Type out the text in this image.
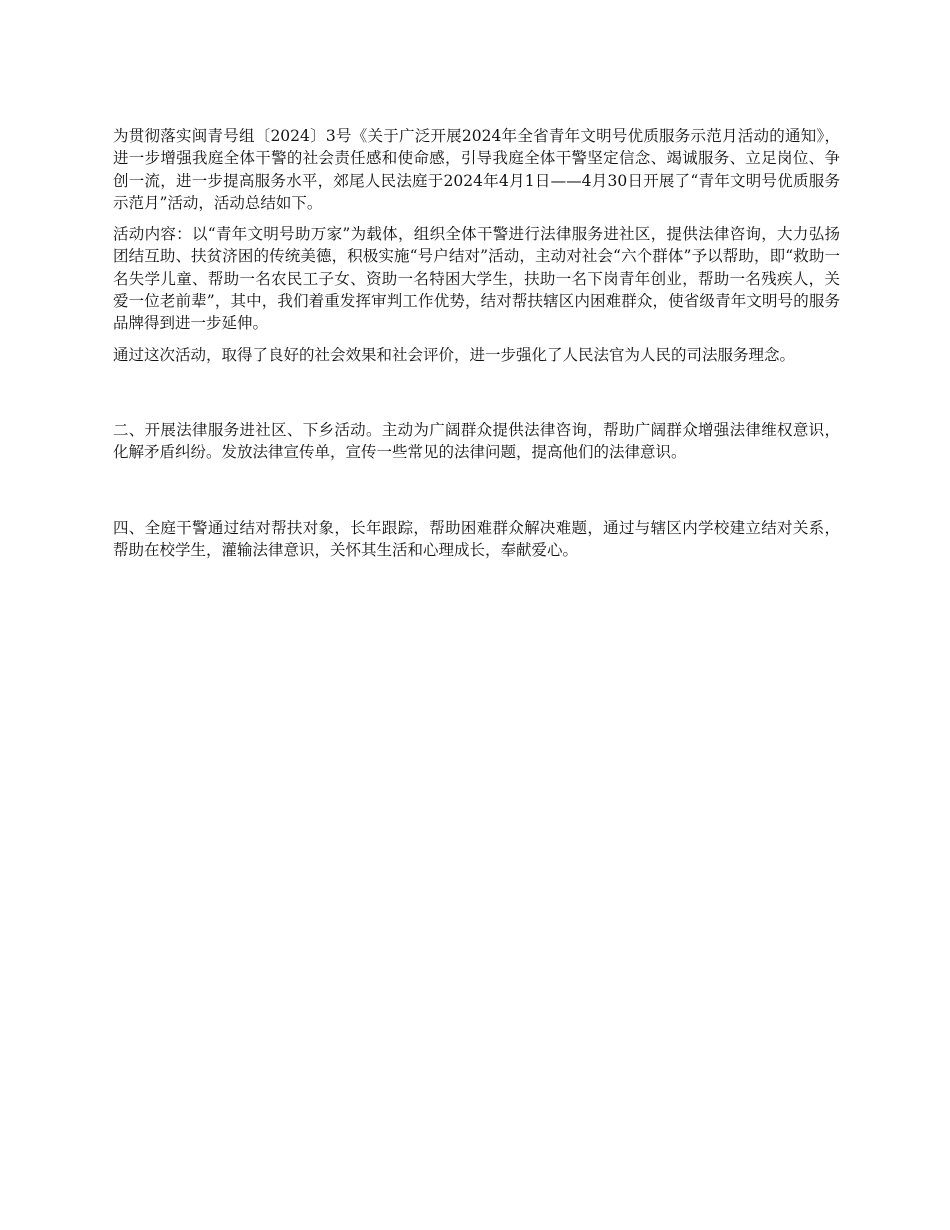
为贯彻落实闽青号组〔2024〕3号《关于广泛开展2024年全省青年文明号优质服务示范月活动的通知》，进一步增强我庭全体干警的社会责任感和使命感，引导我庭全体干警坚定信念、竭诚服务、立足岗位、争创一流，进一步提高服务水平，郊尾人民法庭于2024年4月1日——4月30日开展了“青年文明号优质服务示范月”活动，活动总结如下。

活动内容：以“青年文明号助万家”为载体，组织全体干警进行法律服务进社区，提供法律咨询，大力弘扬团结互助、扶贫济困的传统美德，积极实施“号户结对”活动，主动对社会“六个群体”予以帮助，即“救助一名失学儿童、帮助一名农民工子女、资助一名特困大学生，扶助一名下岗青年创业，帮助一名残疾人，关爱一位老前辈”，其中，我们着重发挥审判工作优势，结对帮扶辖区内困难群众，使省级青年文明号的服务品牌得到进一步延伸。

通过这次活动，取得了良好的社会效果和社会评价，进一步强化了人民法官为人民的司法服务理念。

二、开展法律服务进社区、下乡活动。主动为广阔群众提供法律咨询，帮助广阔群众增强法律维权意识，化解矛盾纠纷。发放法律宣传单，宣传一些常见的法律问题，提高他们的法律意识。

四、全庭干警通过结对帮扶对象，长年跟踪，帮助困难群众解决难题，通过与辖区内学校建立结对关系，帮助在校学生，灌输法律意识，关怀其生活和心理成长，奉献爱心。
